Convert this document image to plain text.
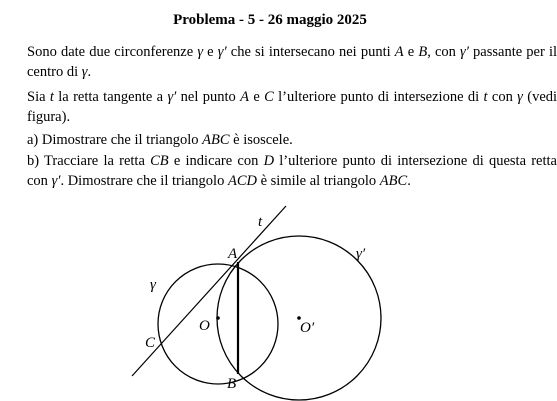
Problema - 5 - 26 maggio 2025

Sono date due circonferenze γ e γ′ che si intersecano nei punti A e B, con γ′ passante per il centro di γ.

Sia t la retta tangente a γ′ nel punto A e C l’ulteriore punto di intersezione di t con γ (vedi figura).

a) Dimostrare che il triangolo ABC è isoscele.

b) Tracciare la retta CB e indicare con D l’ulteriore punto di intersezione di questa retta con γ′. Dimostrare che il triangolo ACD è simile al triangolo ABC.

t
A	γ′
γ
O	O′
C
B
